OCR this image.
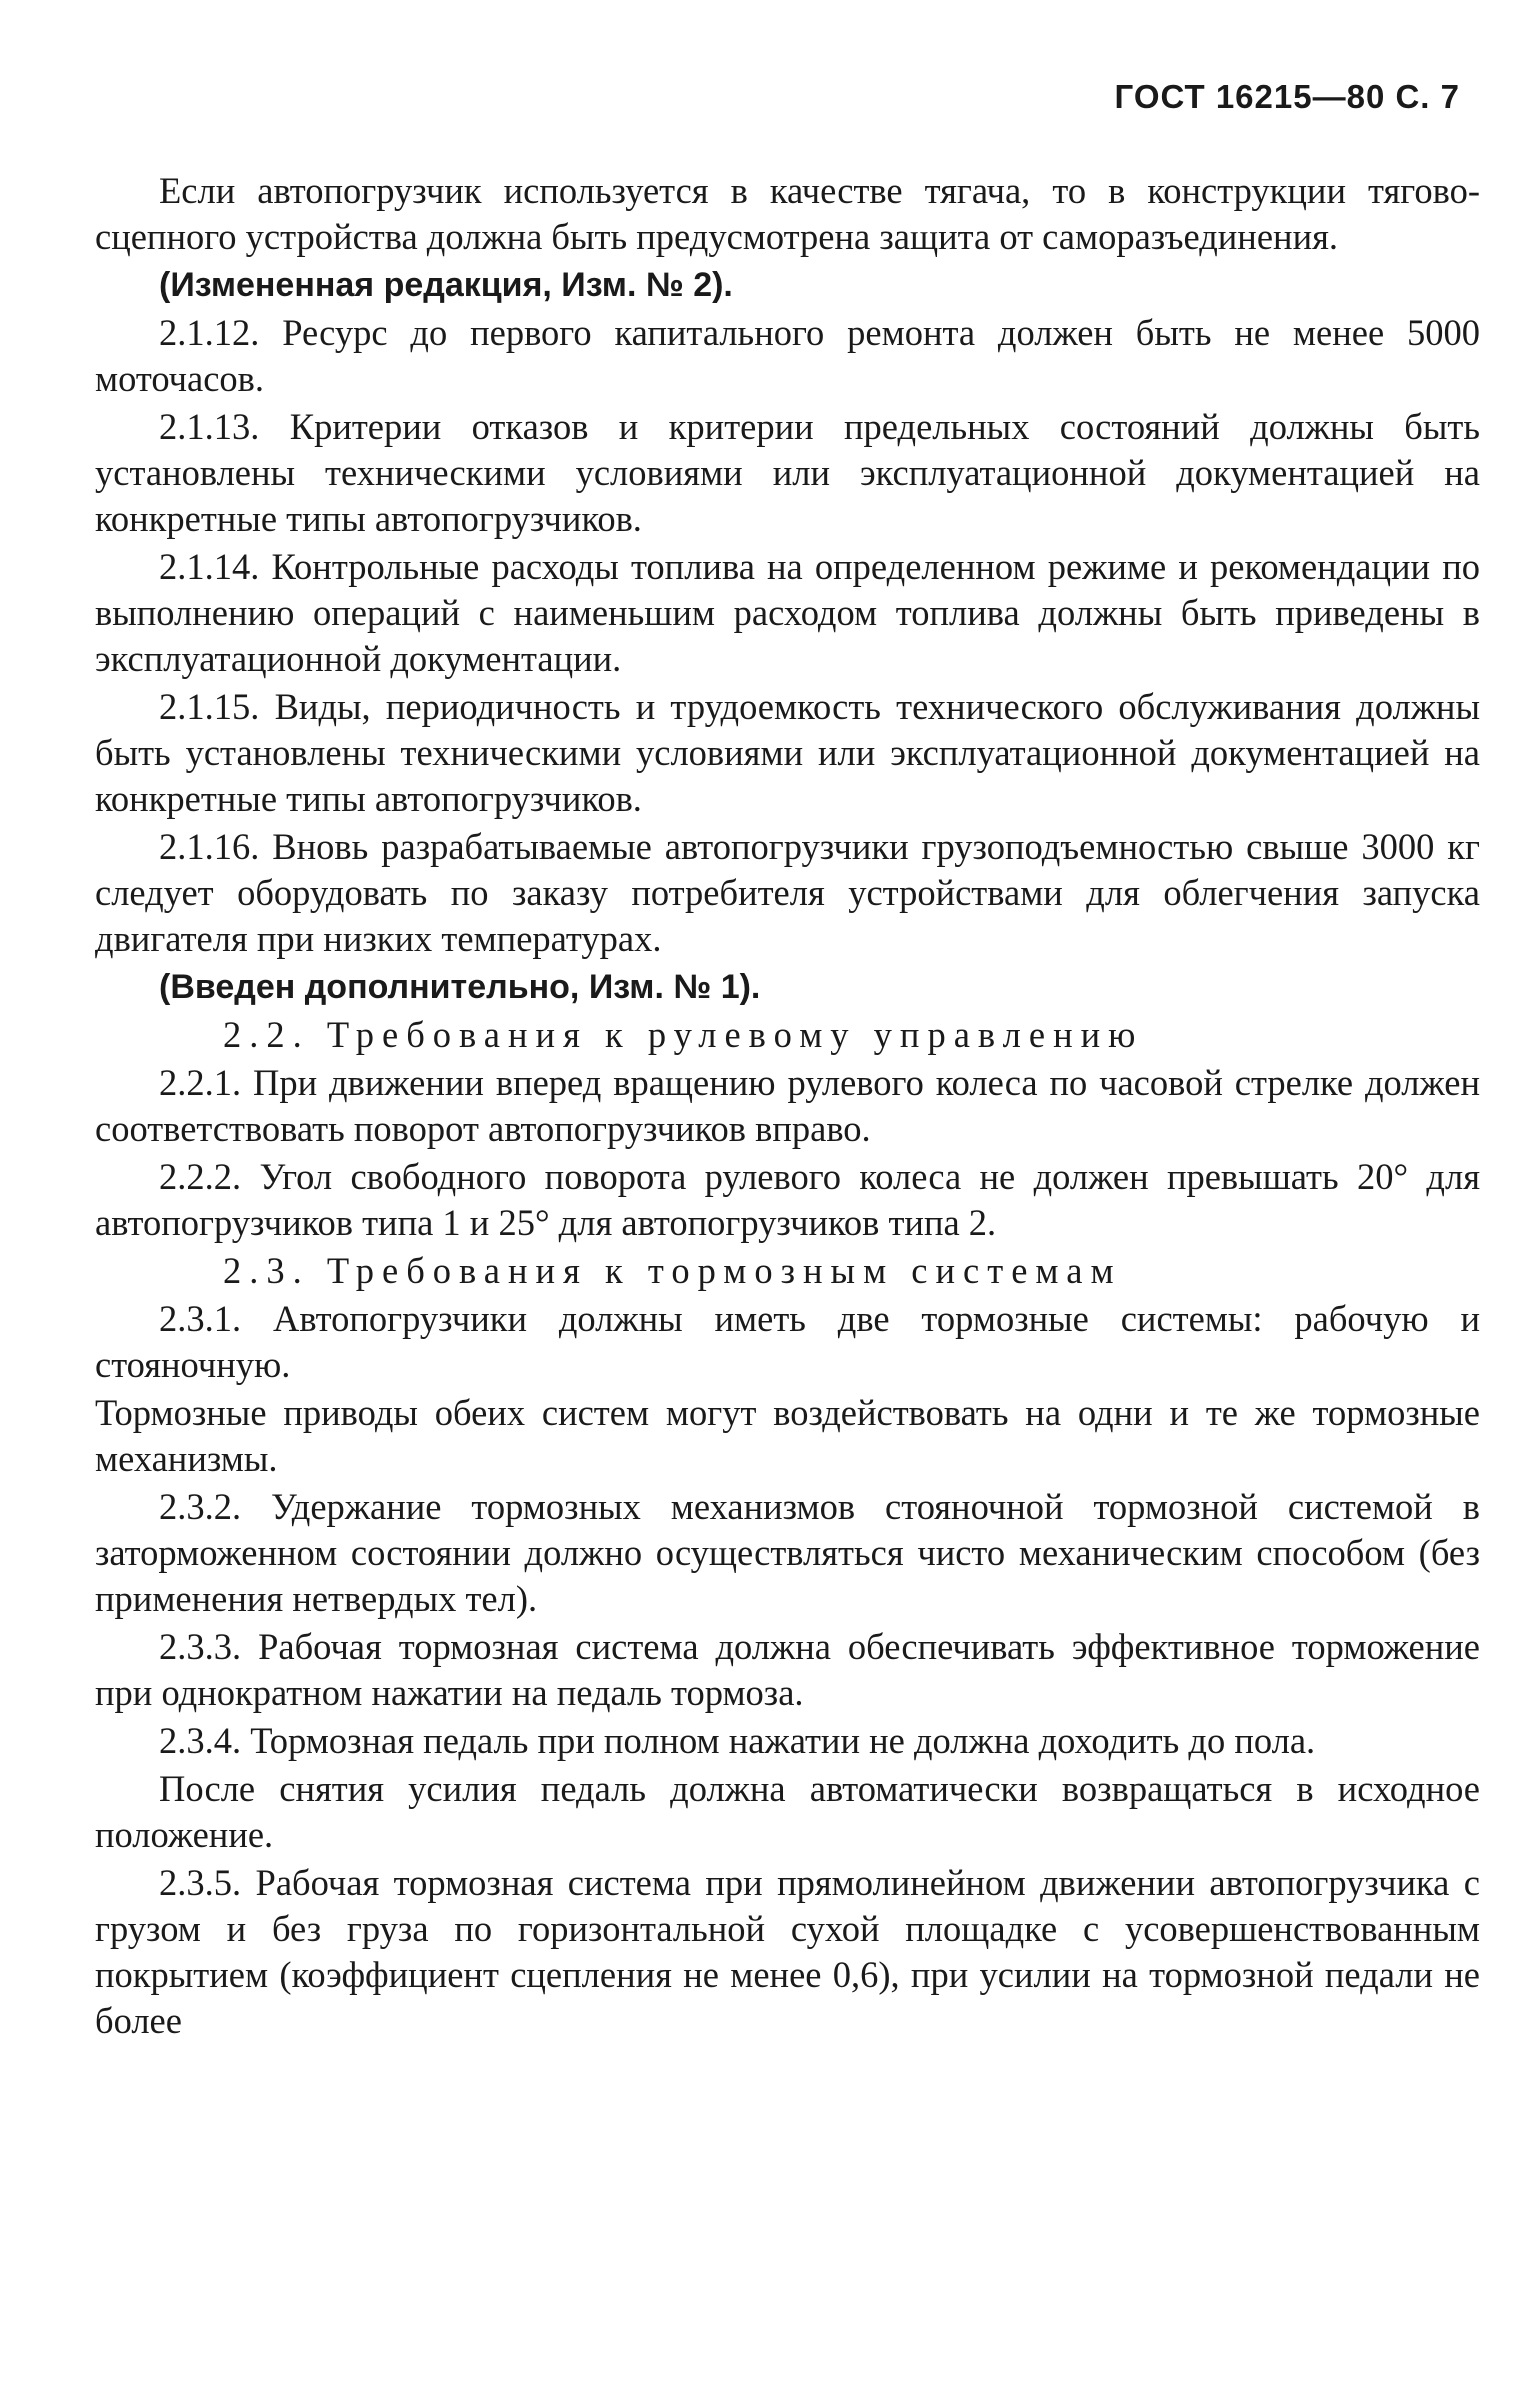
ГОСТ 16215—80 С. 7

Если автопогрузчик используется в качестве тягача, то в конструкции тягово-сцепного устройства должна быть предусмотрена защита от саморазъединения.

(Измененная редакция, Изм. № 2).

2.1.12. Ресурс до первого капитального ремонта должен быть не менее 5000 моточасов.

2.1.13. Критерии отказов и критерии предельных состояний должны быть установлены техническими условиями или эксплуатационной документацией на конкретные типы автопогрузчиков.

2.1.14. Контрольные расходы топлива на определенном режиме и рекомендации по выполнению операций с наименьшим расходом топлива должны быть приведены в эксплуатационной документации.

2.1.15. Виды, периодичность и трудоемкость технического обслуживания должны быть установлены техническими условиями или эксплуатационной документацией на конкретные типы автопогрузчиков.

2.1.16. Вновь разрабатываемые автопогрузчики грузоподъемностью свыше 3000 кг следует оборудовать по заказу потребителя устройствами для облегчения запуска двигателя при низких температурах.

(Введен дополнительно, Изм. № 1).

2.2. Требования к рулевому управлению

2.2.1. При движении вперед вращению рулевого колеса по часовой стрелке должен соответствовать поворот автопогрузчиков вправо.

2.2.2. Угол свободного поворота рулевого колеса не должен превышать 20° для автопогрузчиков типа 1 и 25° для автопогрузчиков типа 2.

2.3. Требования к тормозным системам

2.3.1. Автопогрузчики должны иметь две тормозные системы: рабочую и стояночную.

Тормозные приводы обеих систем могут воздействовать на одни и те же тормозные механизмы.

2.3.2. Удержание тормозных механизмов стояночной тормозной системой в заторможенном состоянии должно осуществляться чисто механическим способом (без применения нетвердых тел).

2.3.3. Рабочая тормозная система должна обеспечивать эффективное торможение при однократном нажатии на педаль тормоза.

2.3.4. Тормозная педаль при полном нажатии не должна доходить до пола.

После снятия усилия педаль должна автоматически возвращаться в исходное положение.

2.3.5. Рабочая тормозная система при прямолинейном движении автопогрузчика с грузом и без груза по горизонтальной сухой площадке с усовершенствованным покрытием (коэффициент сцепления не менее 0,6), при усилии на тормозной педали не более
